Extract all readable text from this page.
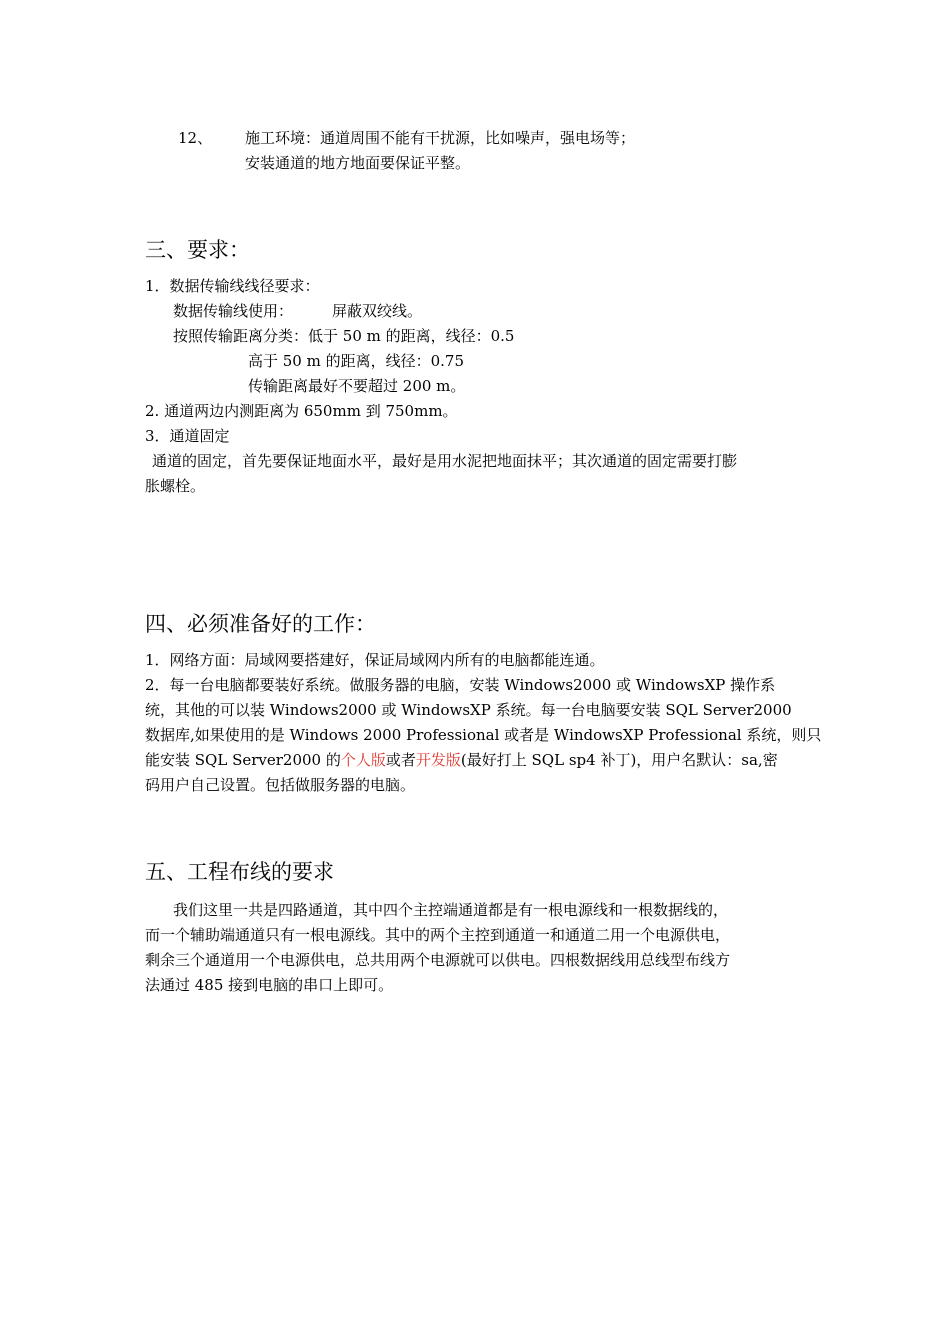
12、 施工环境：通道周围不能有干扰源，比如噪声，强电场等；
安装通道的地方地面要保证平整。
三、要求：
1．数据传输线线径要求：
数据传输线使用：	屏蔽双绞线。
按照传输距离分类：低于 50 m 的距离，线径：0.5
高于 50 m 的距离，线径：0.75
传输距离最好不要超过 200 m。
2. 通道两边内测距离为 650mm 到 750mm。
3．通道固定
通道的固定，首先要保证地面水平，最好是用水泥把地面抹平；其次通道的固定需要打膨
胀螺栓。
四、必须准备好的工作：
1．网络方面：局域网要搭建好，保证局域网内所有的电脑都能连通。
2．每一台电脑都要装好系统。做服务器的电脑，安装 Windows2000 或 WindowsXP 操作系
统，其他的可以装 Windows2000 或 WindowsXP 系统。每一台电脑要安装 SQL Server2000
数据库,如果使用的是 Windows 2000 Professional 或者是 WindowsXP Professional 系统，则只
能安装 SQL Server2000 的个人版或者开发版(最好打上 SQL sp4 补丁)，用户名默认：sa,密
码用户自己设置。包括做服务器的电脑。
五、工程布线的要求
我们这里一共是四路通道，其中四个主控端通道都是有一根电源线和一根数据线的，
而一个辅助端通道只有一根电源线。其中的两个主控到通道一和通道二用一个电源供电，
剩余三个通道用一个电源供电，总共用两个电源就可以供电。四根数据线用总线型布线方
法通过 485 接到电脑的串口上即可。
